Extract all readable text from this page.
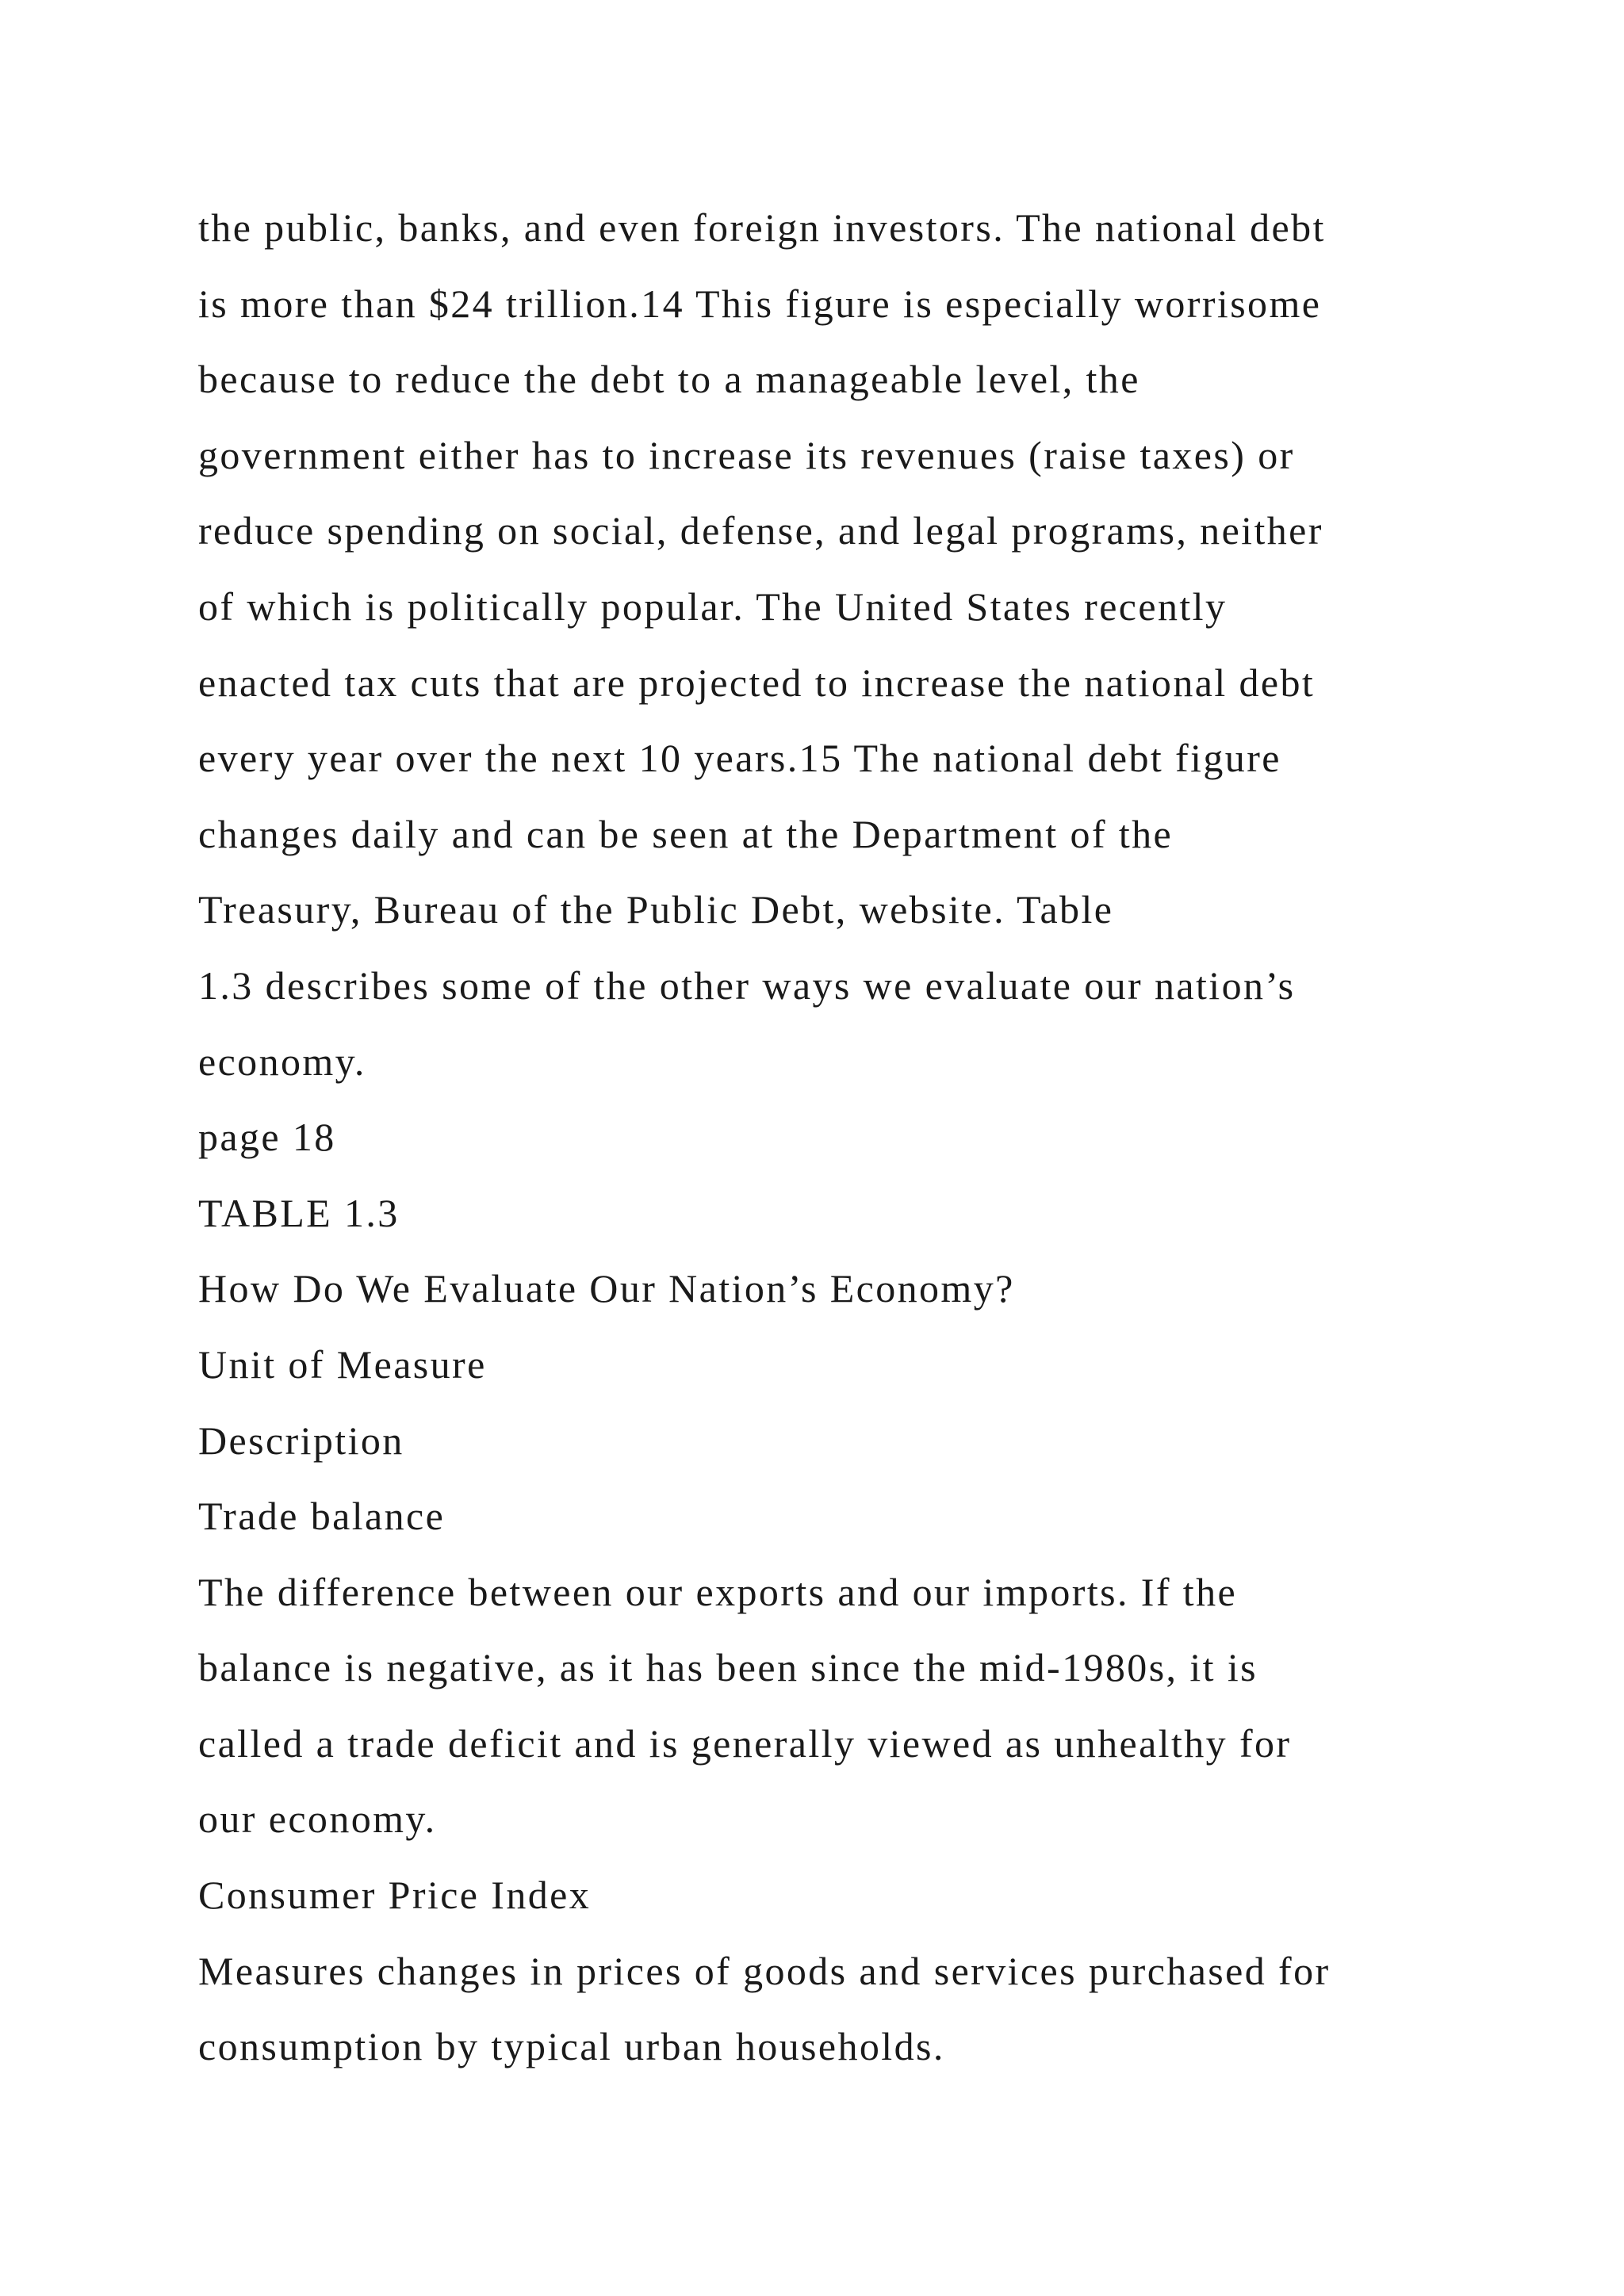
the public, banks, and even foreign investors. The national debt
is more than $24 trillion.14 This figure is especially worrisome
because to reduce the debt to a manageable level, the
government either has to increase its revenues (raise taxes) or
reduce spending on social, defense, and legal programs, neither
of which is politically popular. The United States recently
enacted tax cuts that are projected to increase the national debt
every year over the next 10 years.15 The national debt figure
changes daily and can be seen at the Department of the
Treasury, Bureau of the Public Debt, website. Table
1.3 describes some of the other ways we evaluate our nation’s
economy.
page 18
TABLE 1.3
How Do We Evaluate Our Nation’s Economy?
Unit of Measure
Description
Trade balance
The difference between our exports and our imports. If the
balance is negative, as it has been since the mid-1980s, it is
called a trade deficit and is generally viewed as unhealthy for
our economy.
Consumer Price Index
Measures changes in prices of goods and services purchased for
consumption by typical urban households.
